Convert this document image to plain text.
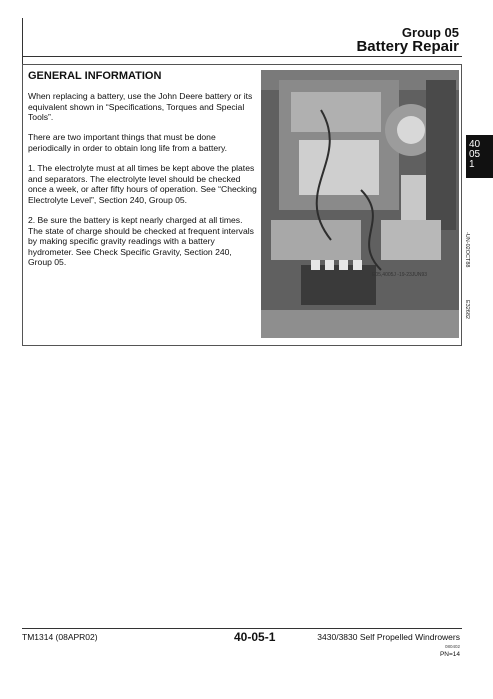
Group 05
Battery Repair
GENERAL INFORMATION

When replacing a battery, use the John Deere battery or its equivalent shown in “Specifications, Torques and Special Tools”.

There are two important things that must be done periodically in order to obtain long life from a battery.

1. The electrolyte must at all times be kept above the plates and separators. The electrolyte level should be checked once a week, or after fifty hours of operation. See “Checking Electrolyte Level”, Section 240, Group 05.

2. Be sure the battery is kept nearly charged at all times. The state of charge should be checked at frequent intervals by making specific gravity readings with a battery hydrometer. See Check Specific Gravity, Section 240, Group 05.

E05,4005J -19-23JUN93
-UN-02OCT88
E32682
40
05
1
TM1314 (08APR02)	40-05-1	3430/3830 Self Propelled Windrowers
080402
PN=14
